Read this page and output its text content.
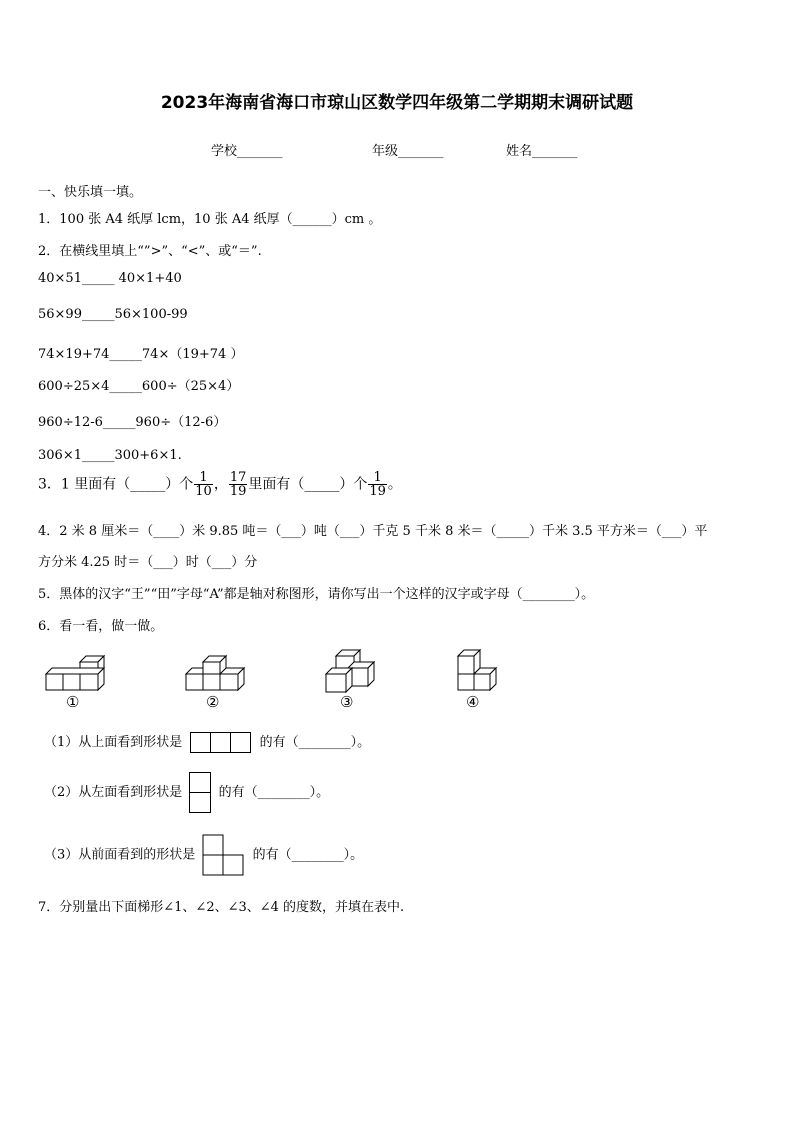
2023年海南省海口市琼山区数学四年级第二学期期末调研试题
学校_______	年级_______	姓名_______
一、快乐填一填。
1．100 张 A4 纸厚 lcm，10 张 A4 纸厚（______）cm 。
2．在横线里填上“”>”、“<”、或“＝”.
40×51_____ 40×1+40
56×99_____56×100-99
74×19+74_____74×（19+74 ）
600÷25×4_____600÷（25×4）
960÷12-6_____960÷（12-6）
306×1_____300+6×1.
3．1 里面有（_____）个 $\frac{1}{10}$ ， $\frac{17}{19}$ 里面有（_____）个 $\frac{1}{19}$ 。
4．2 米 8 厘米＝（____）米 9.85 吨＝（___）吨（___）千克 5 千米 8 米＝（_____）千米 3.5 平方米＝（___）平
方分米 4.25 时＝（___）时（___）分
5．黑体的汉字“王”“田”字母“A”都是轴对称图形，请你写出一个这样的汉字或字母（________）。
6．看一看，做一做。
①	②	③	④
（1）从上面看到形状是	的有（________）。
（2）从左面看到形状是	的有（________）。
（3）从前面看到的形状是	的有（________）。
7．分别量出下面梯形∠1、∠2、∠3、∠4 的度数，并填在表中.
